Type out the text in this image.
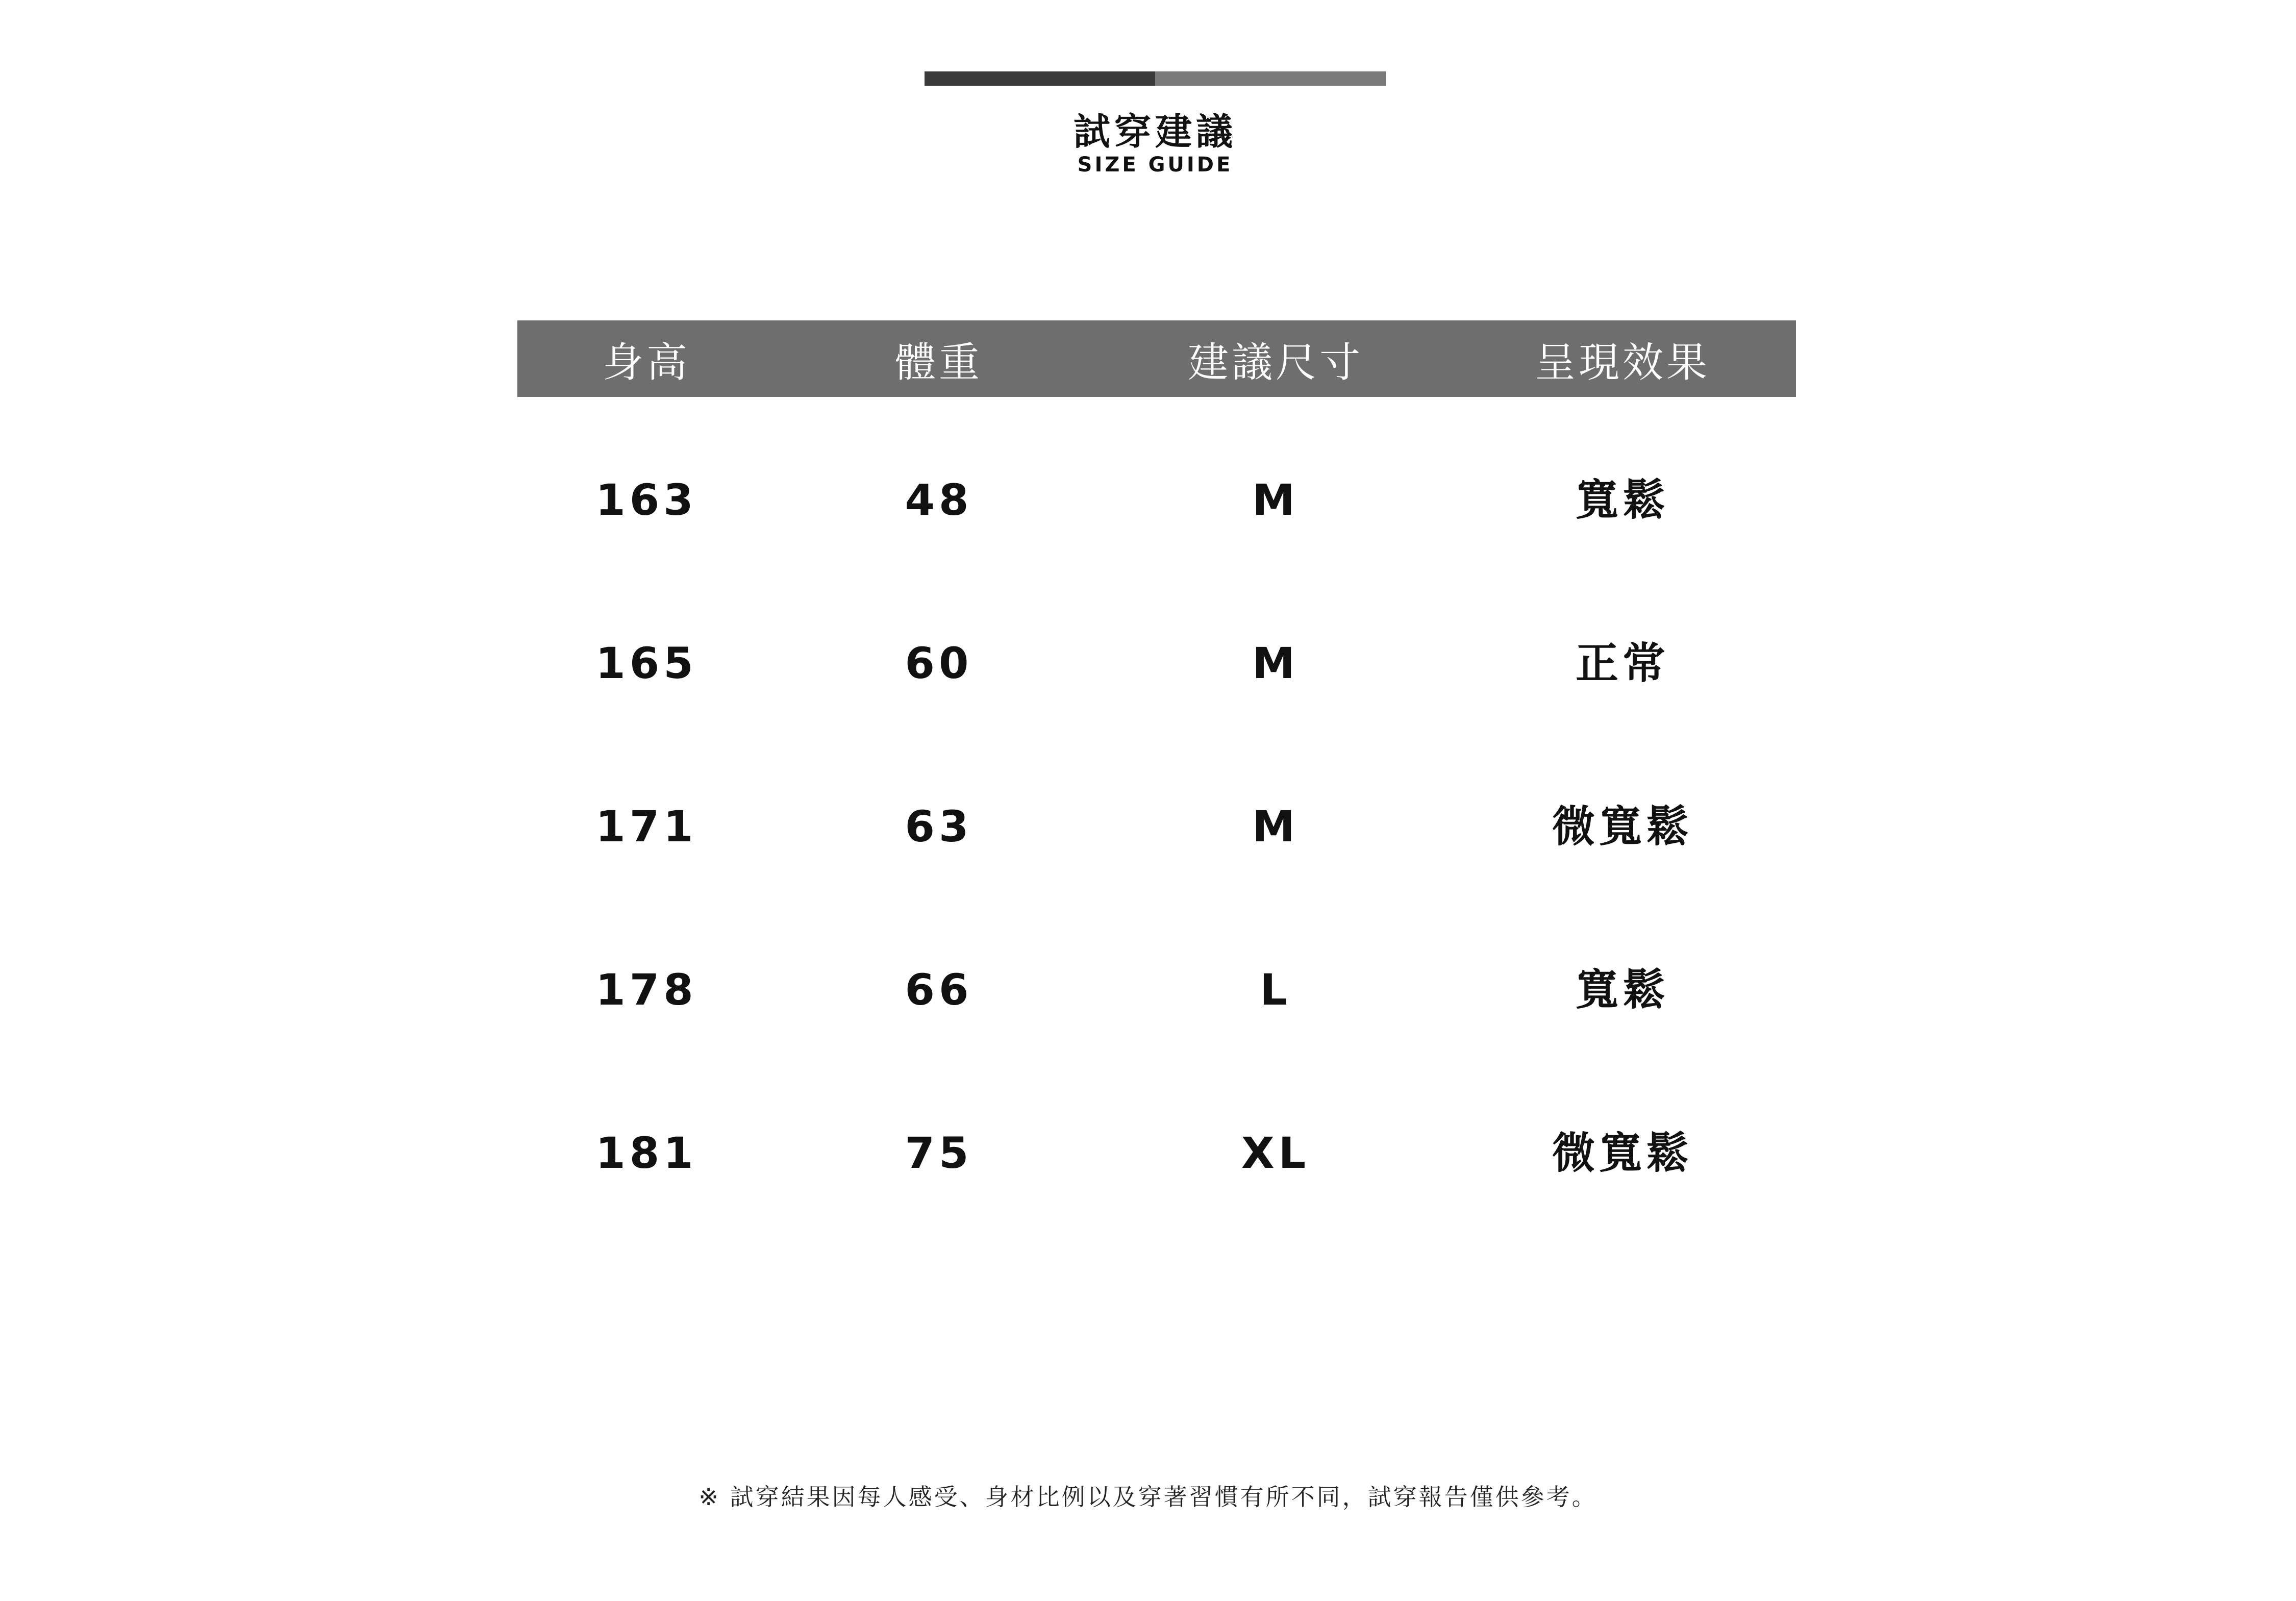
試穿建議
SIZE GUIDE
身高	體重	建議尺寸	呈現效果
163	48	M	寬鬆
165	60	M	正常
171	63	M	微寬鬆
178	66	L	寬鬆
181	75	XL	微寬鬆
※ 試穿結果因每人感受、身材比例以及穿著習慣有所不同，試穿報告僅供參考。
